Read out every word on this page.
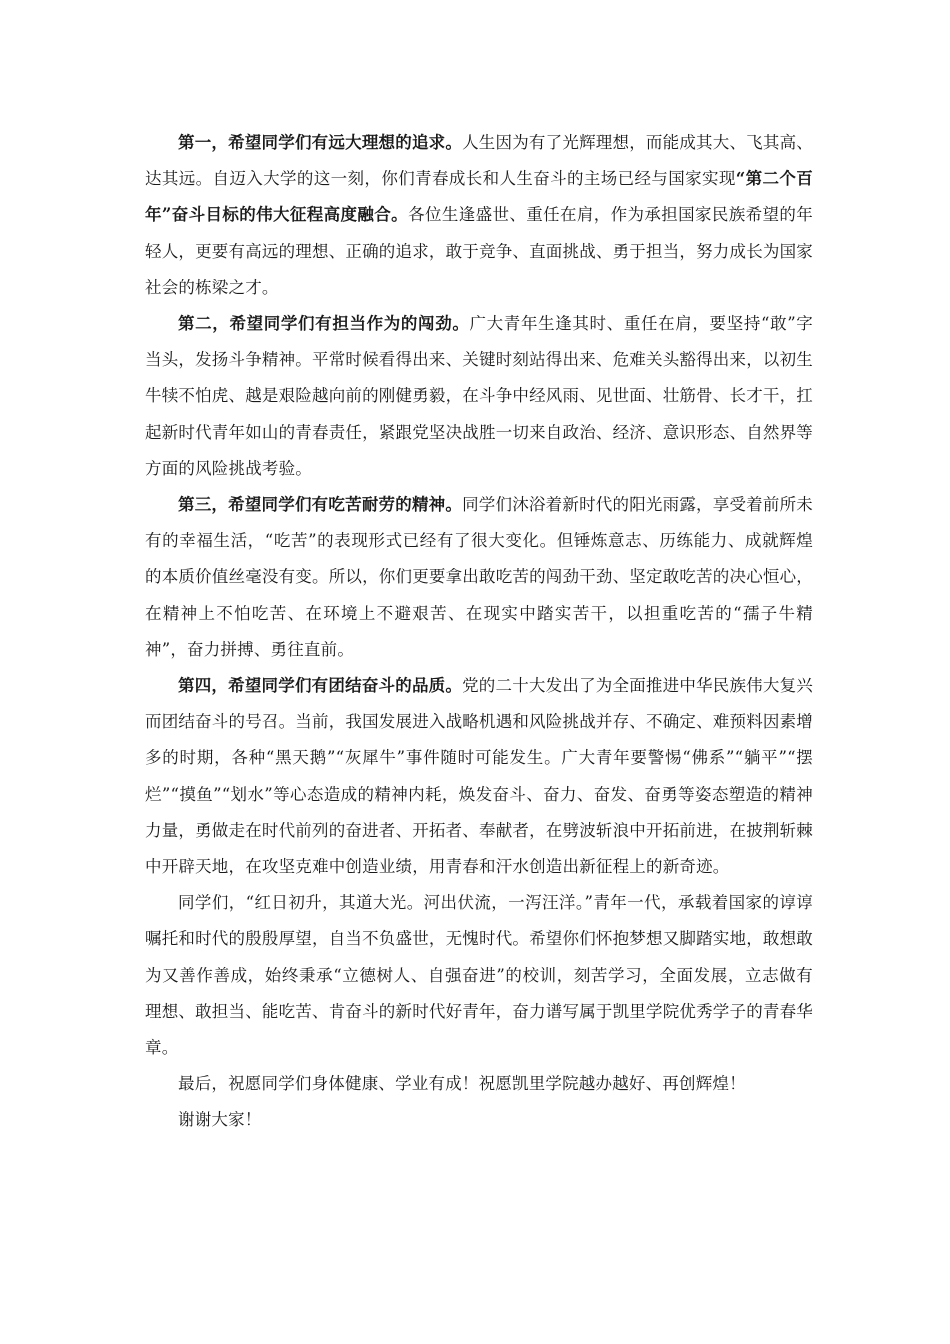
第一，希望同学们有远大理想的追求。人生因为有了光辉理想，而能成其大、飞其高、达其远。自迈入大学的这一刻，你们青春成长和人生奋斗的主场已经与国家实现“第二个百年”奋斗目标的伟大征程高度融合。各位生逢盛世、重任在肩，作为承担国家民族希望的年轻人，更要有高远的理想、正确的追求，敢于竞争、直面挑战、勇于担当，努力成长为国家社会的栋梁之才。

第二，希望同学们有担当作为的闯劲。广大青年生逢其时、重任在肩，要坚持“敢”字当头，发扬斗争精神。平常时候看得出来、关键时刻站得出来、危难关头豁得出来，以初生牛犊不怕虎、越是艰险越向前的刚健勇毅，在斗争中经风雨、见世面、壮筋骨、长才干，扛起新时代青年如山的青春责任，紧跟党坚决战胜一切来自政治、经济、意识形态、自然界等方面的风险挑战考验。

第三，希望同学们有吃苦耐劳的精神。同学们沐浴着新时代的阳光雨露，享受着前所未有的幸福生活，“吃苦”的表现形式已经有了很大变化。但锤炼意志、历练能力、成就辉煌的本质价值丝毫没有变。所以，你们更要拿出敢吃苦的闯劲干劲、坚定敢吃苦的决心恒心，在精神上不怕吃苦、在环境上不避艰苦、在现实中踏实苦干，以担重吃苦的“孺子牛精神”，奋力拼搏、勇往直前。

第四，希望同学们有团结奋斗的品质。党的二十大发出了为全面推进中华民族伟大复兴而团结奋斗的号召。当前，我国发展进入战略机遇和风险挑战并存、不确定、难预料因素增多的时期，各种“黑天鹅”“灰犀牛”事件随时可能发生。广大青年要警惕“佛系”“躺平”“摆烂”“摸鱼”“划水”等心态造成的精神内耗，焕发奋斗、奋力、奋发、奋勇等姿态塑造的精神力量，勇做走在时代前列的奋进者、开拓者、奉献者，在劈波斩浪中开拓前进，在披荆斩棘中开辟天地，在攻坚克难中创造业绩，用青春和汗水创造出新征程上的新奇迹。

同学们，“红日初升，其道大光。河出伏流，一泻汪洋。”青年一代，承载着国家的谆谆嘱托和时代的殷殷厚望，自当不负盛世，无愧时代。希望你们怀抱梦想又脚踏实地，敢想敢为又善作善成，始终秉承“立德树人、自强奋进”的校训，刻苦学习，全面发展，立志做有理想、敢担当、能吃苦、肯奋斗的新时代好青年，奋力谱写属于凯里学院优秀学子的青春华章。

最后，祝愿同学们身体健康、学业有成！祝愿凯里学院越办越好、再创辉煌！

谢谢大家！
